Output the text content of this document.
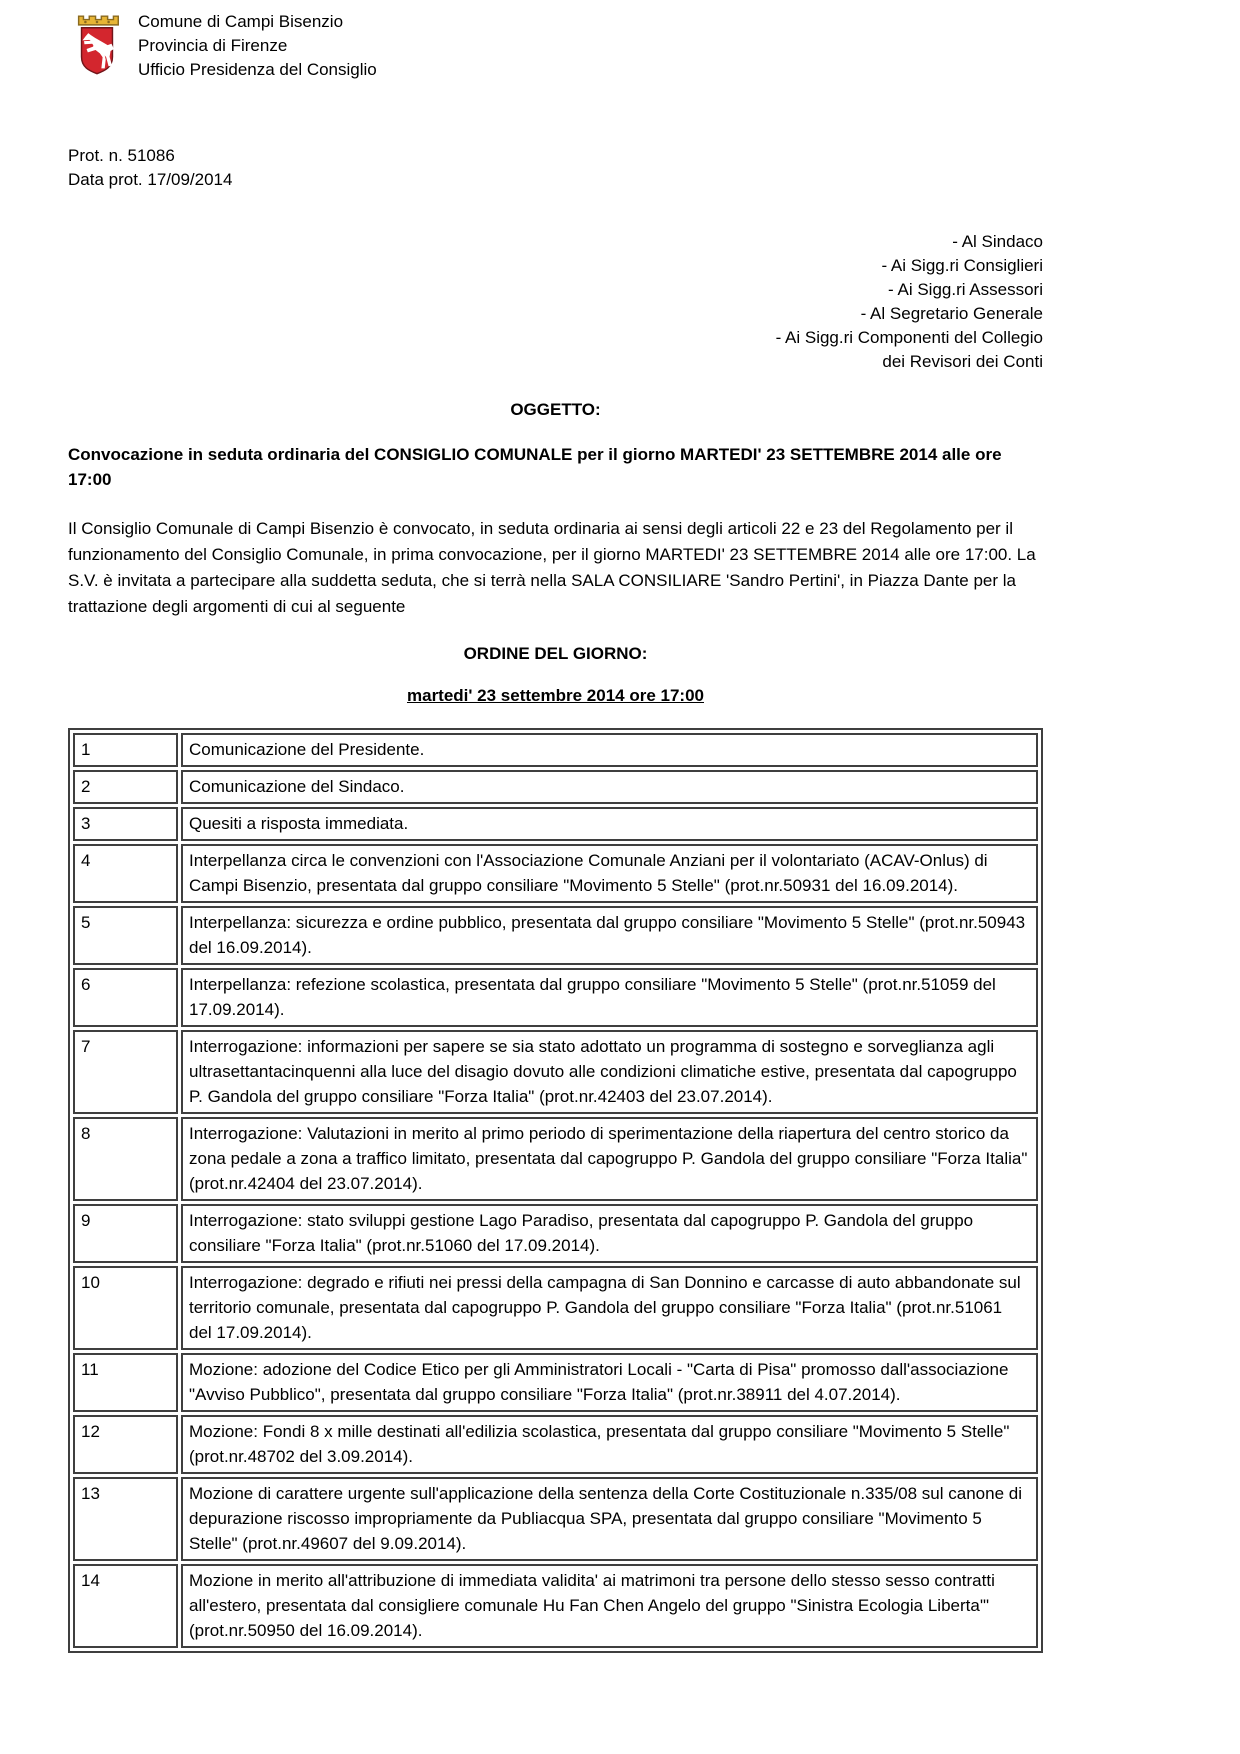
Comune di Campi Bisenzio
Provincia di Firenze
Ufficio Presidenza del Consiglio
Prot. n. 51086
Data prot. 17/09/2014
- Al Sindaco
- Ai Sigg.ri Consiglieri
- Ai Sigg.ri Assessori
- Al Segretario Generale
- Ai Sigg.ri Componenti del Collegio
dei Revisori dei Conti
OGGETTO:
Convocazione in seduta ordinaria del CONSIGLIO COMUNALE per il giorno MARTEDI' 23 SETTEMBRE 2014 alle ore 17:00
Il Consiglio Comunale di Campi Bisenzio è convocato, in seduta ordinaria ai sensi degli articoli 22 e 23 del Regolamento per il funzionamento del Consiglio Comunale, in prima convocazione, per il giorno MARTEDI' 23 SETTEMBRE 2014 alle ore 17:00. La S.V. è invitata a partecipare alla suddetta seduta, che si terrà nella SALA CONSILIARE 'Sandro Pertini', in Piazza Dante per la trattazione degli argomenti di cui al seguente
ORDINE DEL GIORNO:
martedi' 23 settembre 2014 ore 17:00
1	Comunicazione del Presidente.
2	Comunicazione del Sindaco.
3	Quesiti a risposta immediata.
4	Interpellanza circa le convenzioni con l'Associazione Comunale Anziani per il volontariato (ACAV-Onlus) di Campi Bisenzio, presentata dal gruppo consiliare "Movimento 5 Stelle" (prot.nr.50931 del 16.09.2014).
5	Interpellanza: sicurezza e ordine pubblico, presentata dal gruppo consiliare "Movimento 5 Stelle" (prot.nr.50943 del 16.09.2014).
6	Interpellanza: refezione scolastica, presentata dal gruppo consiliare "Movimento 5 Stelle" (prot.nr.51059 del 17.09.2014).
7	Interrogazione: informazioni per sapere se sia stato adottato un programma di sostegno e sorveglianza agli ultrasettantacinquenni alla luce del disagio dovuto alle condizioni climatiche estive, presentata dal capogruppo P. Gandola del gruppo consiliare "Forza Italia" (prot.nr.42403 del 23.07.2014).
8	Interrogazione: Valutazioni in merito al primo periodo di sperimentazione della riapertura del centro storico da zona pedale a zona a traffico limitato, presentata dal capogruppo P. Gandola del gruppo consiliare "Forza Italia" (prot.nr.42404 del 23.07.2014).
9	Interrogazione: stato sviluppi gestione Lago Paradiso, presentata dal capogruppo P. Gandola del gruppo consiliare "Forza Italia" (prot.nr.51060 del 17.09.2014).
10	Interrogazione: degrado e rifiuti nei pressi della campagna di San Donnino e carcasse di auto abbandonate sul territorio comunale, presentata dal capogruppo P. Gandola del gruppo consiliare "Forza Italia" (prot.nr.51061 del 17.09.2014).
11	Mozione: adozione del Codice Etico per gli Amministratori Locali - "Carta di Pisa" promosso dall'associazione "Avviso Pubblico", presentata dal gruppo consiliare "Forza Italia" (prot.nr.38911 del 4.07.2014).
12	Mozione: Fondi 8 x mille destinati all'edilizia scolastica, presentata dal gruppo consiliare "Movimento 5 Stelle" (prot.nr.48702 del 3.09.2014).
13	Mozione di carattere urgente sull'applicazione della sentenza della Corte Costituzionale n.335/08 sul canone di depurazione riscosso impropriamente da Publiacqua SPA, presentata dal gruppo consiliare "Movimento 5 Stelle" (prot.nr.49607 del 9.09.2014).
14	Mozione in merito all'attribuzione di immediata validita' ai matrimoni tra persone dello stesso sesso contratti all'estero, presentata dal consigliere comunale Hu Fan Chen Angelo del gruppo "Sinistra Ecologia Liberta'" (prot.nr.50950 del 16.09.2014).
